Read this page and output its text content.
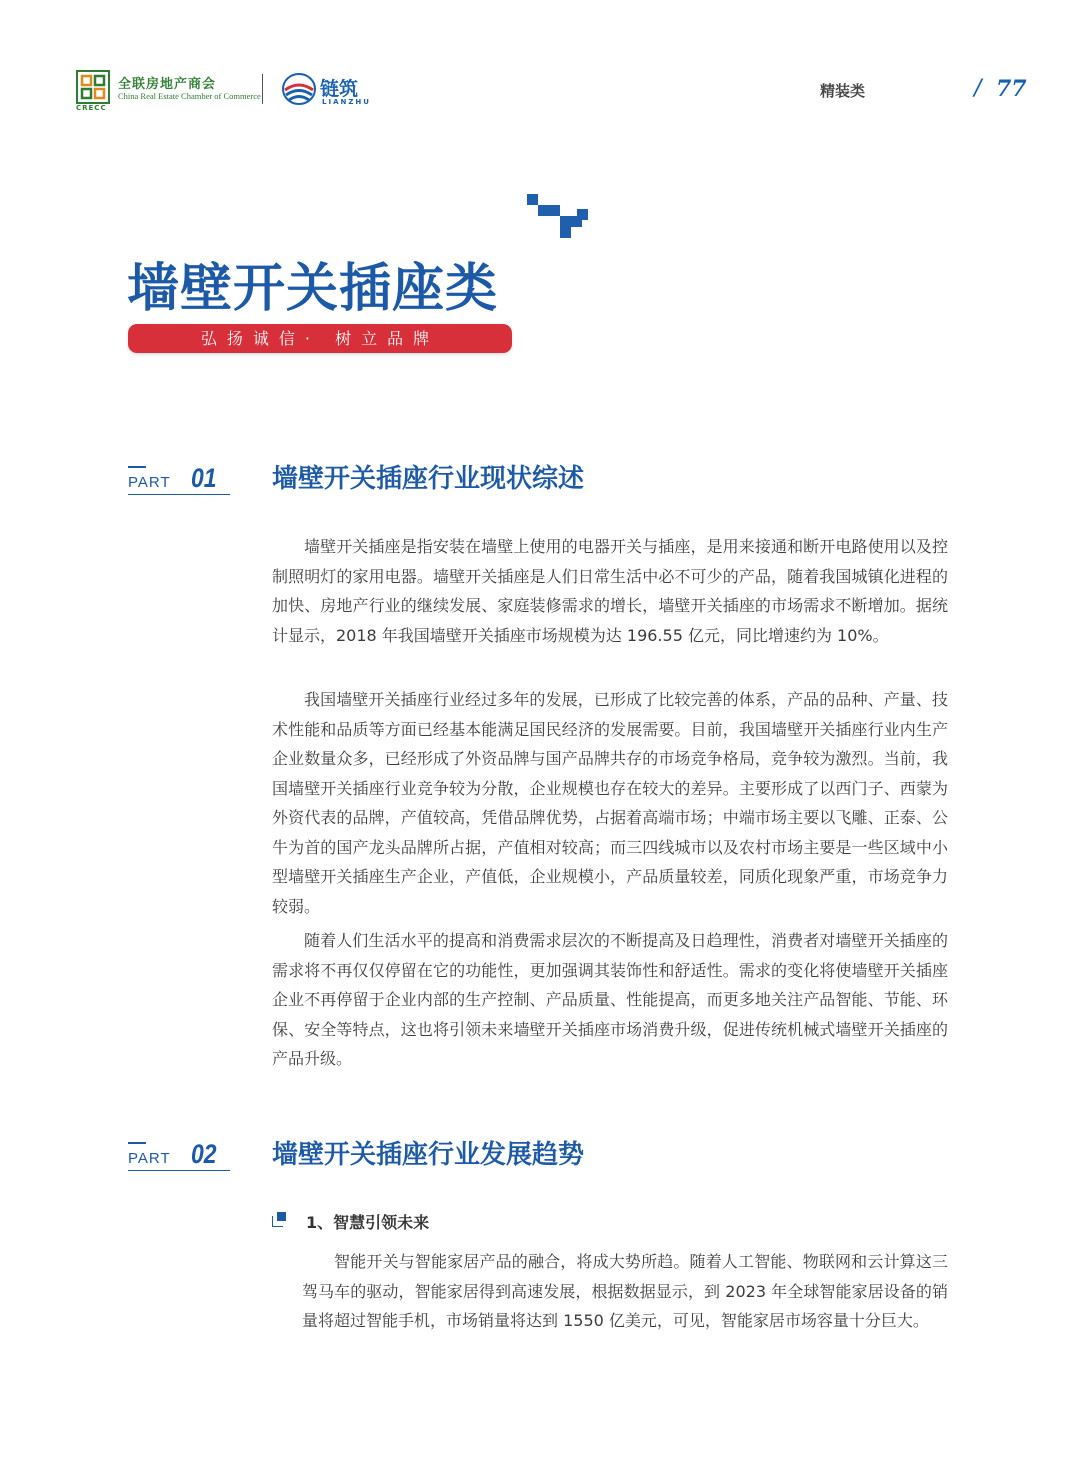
CRECC
全联房地产商会
China Real Estate Chamber of Commerce	链筑
LIANZHU
精装类	/ 77
墙壁开关插座类
弘扬诚信· 树立品牌
PART 01 墙壁开关插座行业现状综述

墙壁开关插座是指安装在墙壁上使用的电器开关与插座，是用来接通和断开电路使用以及控制照明灯的家用电器。墙壁开关插座是人们日常生活中必不可少的产品，随着我国城镇化进程的加快、房地产行业的继续发展、家庭装修需求的增长，墙壁开关插座的市场需求不断增加。据统计显示，2018 年我国墙壁开关插座市场规模为达 196.55 亿元，同比增速约为 10%。

我国墙壁开关插座行业经过多年的发展，已形成了比较完善的体系，产品的品种、产量、技术性能和品质等方面已经基本能满足国民经济的发展需要。目前，我国墙壁开关插座行业内生产企业数量众多，已经形成了外资品牌与国产品牌共存的市场竞争格局，竞争较为激烈。当前，我国墙壁开关插座行业竞争较为分散，企业规模也存在较大的差异。主要形成了以西门子、西蒙为外资代表的品牌，产值较高，凭借品牌优势，占据着高端市场；中端市场主要以飞雕、正泰、公牛为首的国产龙头品牌所占据，产值相对较高；而三四线城市以及农村市场主要是一些区域中小型墙壁开关插座生产企业，产值低，企业规模小，产品质量较差，同质化现象严重，市场竞争力较弱。

随着人们生活水平的提高和消费需求层次的不断提高及日趋理性，消费者对墙壁开关插座的需求将不再仅仅停留在它的功能性，更加强调其装饰性和舒适性。需求的变化将使墙壁开关插座企业不再停留于企业内部的生产控制、产品质量、性能提高，而更多地关注产品智能、节能、环保、安全等特点，这也将引领未来墙壁开关插座市场消费升级，促进传统机械式墙壁开关插座的产品升级。

PART 02 墙壁开关插座行业发展趋势
1、智慧引领未来

智能开关与智能家居产品的融合，将成大势所趋。随着人工智能、物联网和云计算这三驾马车的驱动，智能家居得到高速发展，根据数据显示，到 2023 年全球智能家居设备的销量将超过智能手机，市场销量将达到 1550 亿美元，可见，智能家居市场容量十分巨大。
